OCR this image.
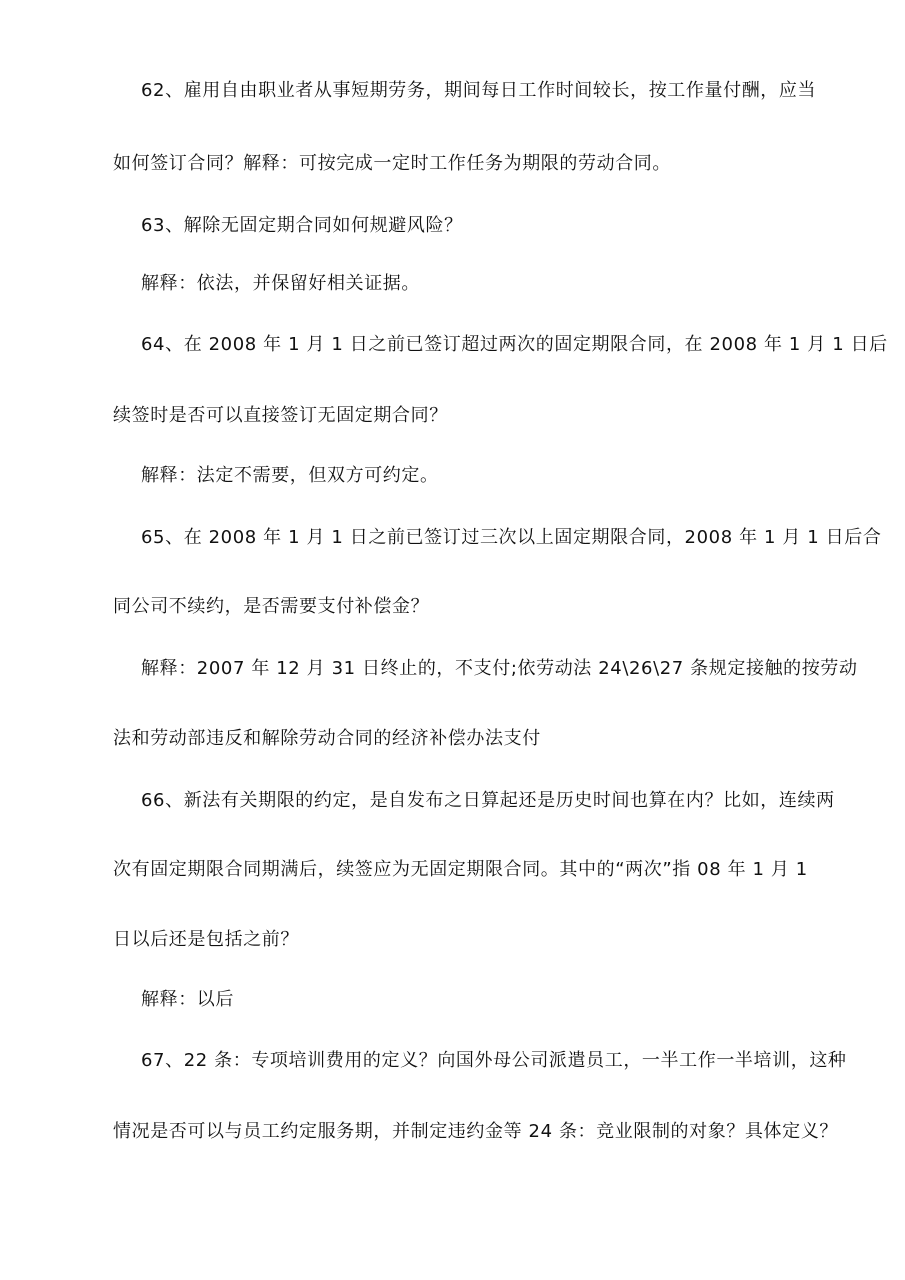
62、雇用自由职业者从事短期劳务，期间每日工作时间较长，按工作量付酬，应当
如何签订合同？解释：可按完成一定时工作任务为期限的劳动合同。
63、解除无固定期合同如何规避风险？
解释：依法，并保留好相关证据。
64、在 2008 年 1 月 1 日之前已签订超过两次的固定期限合同，在 2008 年 1 月 1 日后
续签时是否可以直接签订无固定期合同？
解释：法定不需要，但双方可约定。
65、在 2008 年 1 月 1 日之前已签订过三次以上固定期限合同，2008 年 1 月 1 日后合
同公司不续约，是否需要支付补偿金？
解释：2007 年 12 月 31 日终止的，不支付;依劳动法 24\26\27 条规定接触的按劳动
法和劳动部违反和解除劳动合同的经济补偿办法支付
66、新法有关期限的约定，是自发布之日算起还是历史时间也算在内？比如，连续两
次有固定期限合同期满后，续签应为无固定期限合同。其中的“两次”指 08 年 1 月 1
日以后还是包括之前？
解释：以后
67、22 条：专项培训费用的定义？向国外母公司派遣员工，一半工作一半培训，这种
情况是否可以与员工约定服务期，并制定违约金等 24 条：竞业限制的对象？具体定义？
